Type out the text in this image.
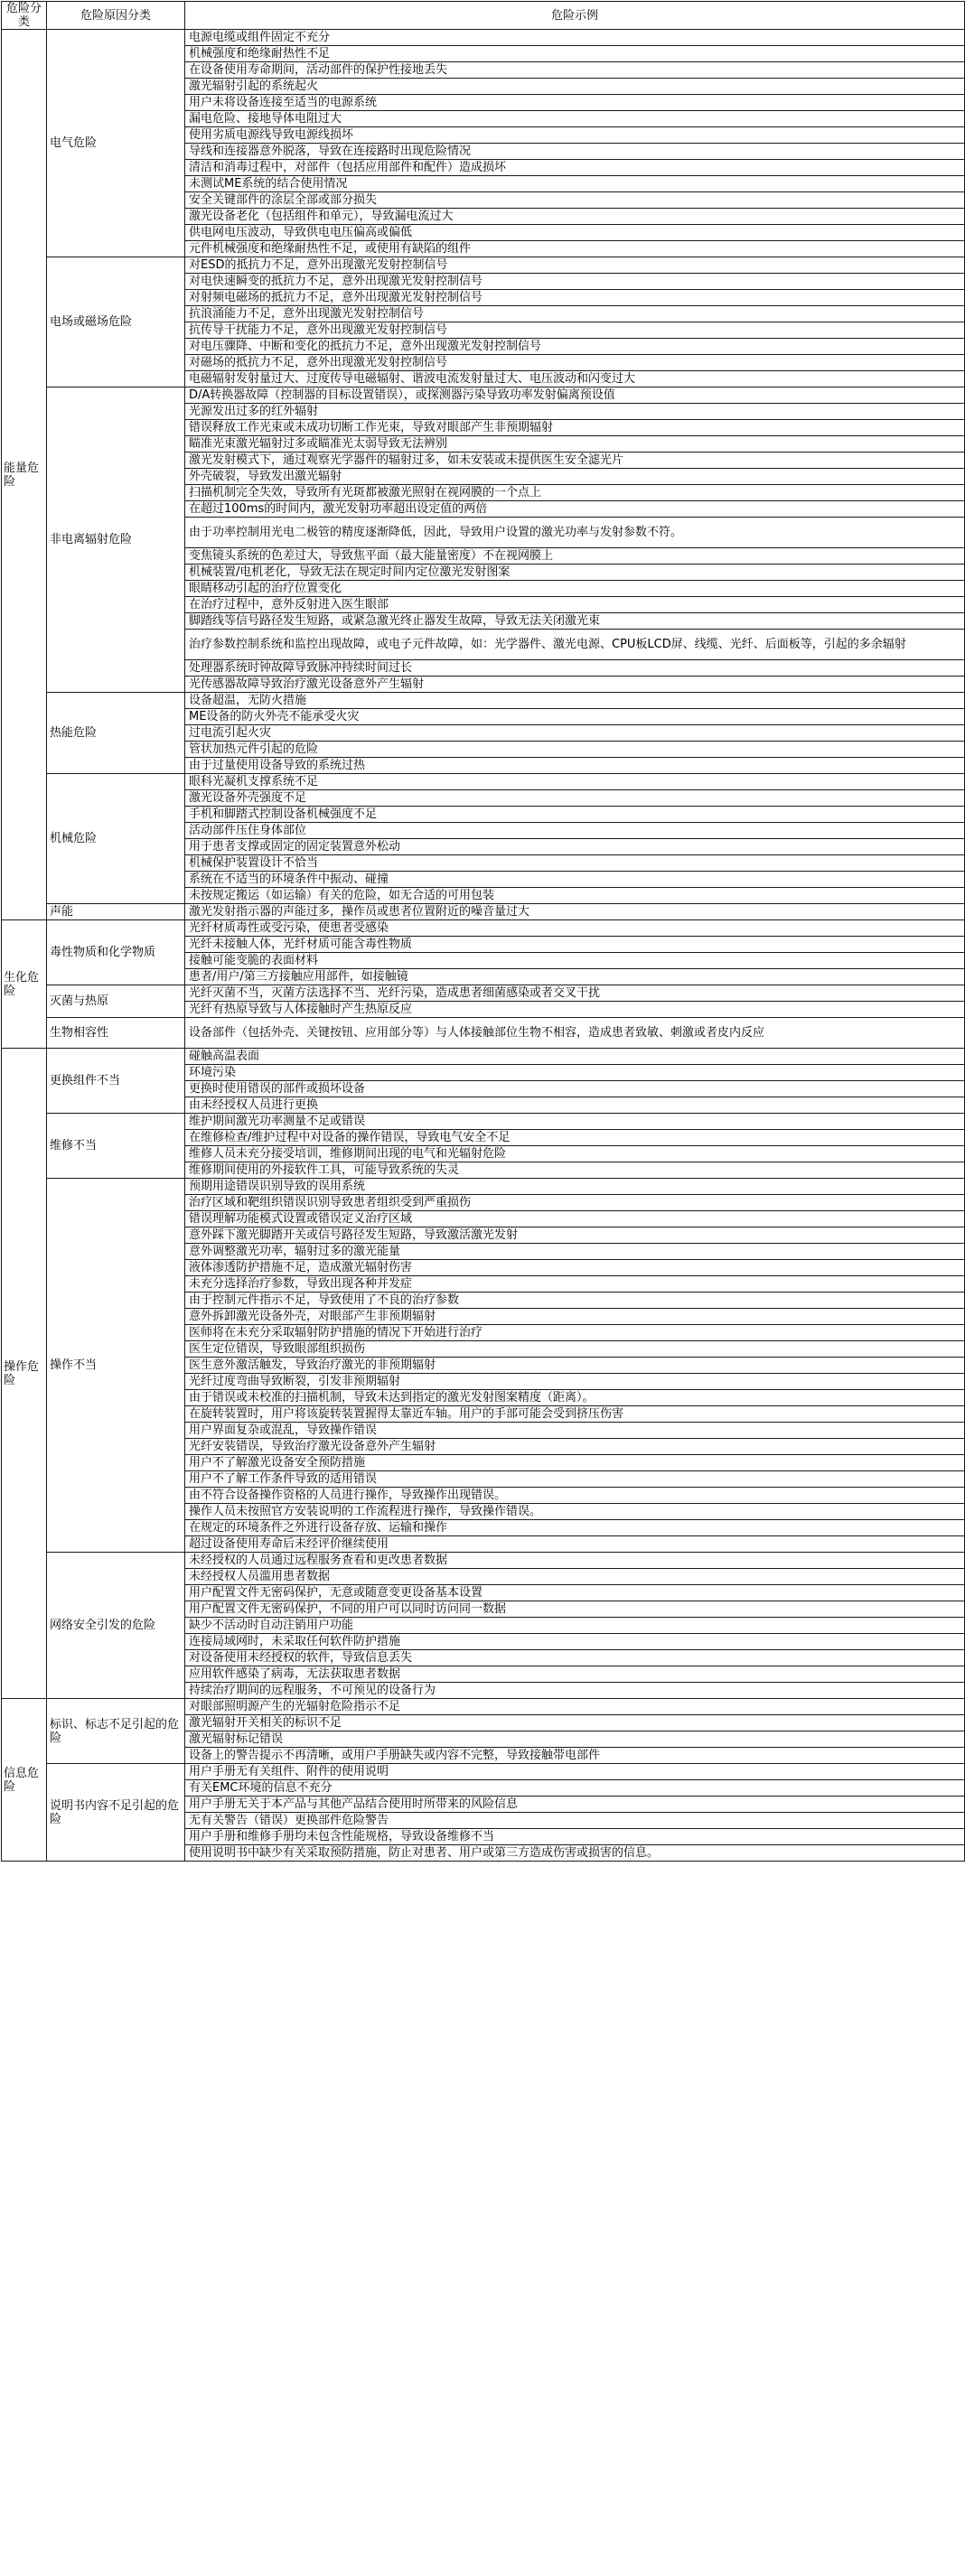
危险分类	危险原因分类	危险示例
能量危险	电气危险	电源电缆或组件固定不充分
		机械强度和绝缘耐热性不足
		在设备使用寿命期间，活动部件的保护性接地丢失
		激光辐射引起的系统起火
		用户未将设备连接至适当的电源系统
		漏电危险、接地导体电阻过大
		使用劣质电源线导致电源线损坏
		导线和连接器意外脱落，导致在连接路时出现危险情况
		清洁和消毒过程中，对部件（包括应用部件和配件）造成损坏
		未测试ME系统的结合使用情况
		安全关键部件的涂层全部或部分损失
		激光设备老化（包括组件和单元），导致漏电流过大
		供电网电压波动，导致供电电压偏高或偏低
		元件机械强度和绝缘耐热性不足，或使用有缺陷的组件
	电场或磁场危险	对ESD的抵抗力不足，意外出现激光发射控制信号
		对电快速瞬变的抵抗力不足，意外出现激光发射控制信号
		对射频电磁场的抵抗力不足，意外出现激光发射控制信号
		抗浪涌能力不足，意外出现激光发射控制信号
		抗传导干扰能力不足，意外出现激光发射控制信号
		对电压骤降、中断和变化的抵抗力不足，意外出现激光发射控制信号
		对磁场的抵抗力不足，意外出现激光发射控制信号
		电磁辐射发射量过大、过度传导电磁辐射、谐波电流发射量过大、电压波动和闪变过大
	非电离辐射危险	D/A转换器故障（控制器的目标设置错误），或探测器污染导致功率发射偏离预设值
		光源发出过多的红外辐射
		错误释放工作光束或未成功切断工作光束，导致对眼部产生非预期辐射
		瞄准光束激光辐射过多或瞄准光太弱导致无法辨别
		激光发射模式下，通过观察光学器件的辐射过多，如未安装或未提供医生安全滤光片
		外壳破裂，导致发出激光辐射
		扫描机制完全失效，导致所有光斑都被激光照射在视网膜的一个点上
		在超过100ms的时间内，激光发射功率超出设定值的两倍
		由于功率控制用光电二极管的精度逐渐降低，因此，导致用户设置的激光功率与发射参数不符。
		变焦镜头系统的色差过大，导致焦平面（最大能量密度）不在视网膜上
		机械装置/电机老化，导致无法在规定时间内定位激光发射图案
		眼睛移动引起的治疗位置变化
		在治疗过程中，意外反射进入医生眼部
		脚踏线等信号路径发生短路，或紧急激光终止器发生故障，导致无法关闭激光束
		治疗参数控制系统和监控出现故障，或电子元件故障，如：光学器件、激光电源、CPU板LCD屏、线缆、光纤、后面板等，引起的多余辐射
		处理器系统时钟故障导致脉冲持续时间过长
		光传感器故障导致治疗激光设备意外产生辐射
	热能危险	设备超温，无防火措施
		ME设备的防火外壳不能承受火灾
		过电流引起火灾
		管状加热元件引起的危险
		由于过量使用设备导致的系统过热
	机械危险	眼科光凝机支撑系统不足
		激光设备外壳强度不足
		手机和脚踏式控制设备机械强度不足
		活动部件压住身体部位
		用于患者支撑或固定的固定装置意外松动
		机械保护装置设计不恰当
		系统在不适当的环境条件中振动、碰撞
		未按规定搬运（如运输）有关的危险，如无合适的可用包装
	声能	激光发射指示器的声能过多，操作员或患者位置附近的噪音量过大
生化危险	毒性物质和化学物质	光纤材质毒性或受污染，使患者受感染
		光纤未接触人体，光纤材质可能含毒性物质
		接触可能变脆的表面材料
		患者/用户/第三方接触应用部件，如接触镜
	灭菌与热原	光纤灭菌不当，灭菌方法选择不当、光纤污染，造成患者细菌感染或者交叉干扰
		光纤有热原导致与人体接触时产生热原反应
	生物相容性	设备部件（包括外壳、关键按钮、应用部分等）与人体接触部位生物不相容，造成患者致敏、刺激或者皮内反应
操作危险	更换组件不当	碰触高温表面
		环境污染
		更换时使用错误的部件或损坏设备
		由未经授权人员进行更换
	维修不当	维护期间激光功率测量不足或错误
		在维修检查/维护过程中对设备的操作错误，导致电气安全不足
		维修人员未充分接受培训，维修期间出现的电气和光辐射危险
		维修期间使用的外接软件工具，可能导致系统的失灵
	操作不当	预期用途错误识别导致的误用系统
		治疗区域和靶组织错误识别导致患者组织受到严重损伤
		错误理解功能模式设置或错误定义治疗区域
		意外踩下激光脚踏开关或信号路径发生短路，导致激活激光发射
		意外调整激光功率，辐射过多的激光能量
		液体渗透防护措施不足，造成激光辐射伤害
		未充分选择治疗参数，导致出现各种并发症
		由于控制元件指示不足，导致使用了不良的治疗参数
		意外拆卸激光设备外壳，对眼部产生非预期辐射
		医师将在未充分采取辐射防护措施的情况下开始进行治疗
		医生定位错误，导致眼部组织损伤
		医生意外激活触发，导致治疗激光的非预期辐射
		光纤过度弯曲导致断裂，引发非预期辐射
		由于错误或未校准的扫描机制，导致未达到指定的激光发射图案精度（距离）。
		在旋转装置时，用户将该旋转装置握得太靠近车轴。用户的手部可能会受到挤压伤害
		用户界面复杂或混乱，导致操作错误
		光纤安装错误，导致治疗激光设备意外产生辐射
		用户不了解激光设备安全预防措施
		用户不了解工作条件导致的适用错误
		由不符合设备操作资格的人员进行操作，导致操作出现错误。
		操作人员未按照官方安装说明的工作流程进行操作，导致操作错误。
		在规定的环境条件之外进行设备存放、运输和操作
		超过设备使用寿命后未经评价继续使用
	网络安全引发的危险	未经授权的人员通过远程服务查看和更改患者数据
		未经授权人员滥用患者数据
		用户配置文件无密码保护，无意或随意变更设备基本设置
		用户配置文件无密码保护，不同的用户可以同时访问同一数据
		缺少不活动时自动注销用户功能
		连接局域网时，未采取任何软件防护措施
		对设备使用未经授权的软件，导致信息丢失
		应用软件感染了病毒，无法获取患者数据
		持续治疗期间的远程服务，不可预见的设备行为
信息危险	标识、标志不足引起的危险	对眼部照明源产生的光辐射危险指示不足
		激光辐射开关相关的标识不足
		激光辐射标记错误
		设备上的警告提示不再清晰，或用户手册缺失或内容不完整，导致接触带电部件
	说明书内容不足引起的危险	用户手册无有关组件、附件的使用说明
		有关EMC环境的信息不充分
		用户手册无关于本产品与其他产品结合使用时所带来的风险信息
		无有关警告（错误）更换部件危险警告
		用户手册和维修手册均未包含性能规格，导致设备维修不当
		使用说明书中缺少有关采取预防措施，防止对患者、用户或第三方造成伤害或损害的信息。
